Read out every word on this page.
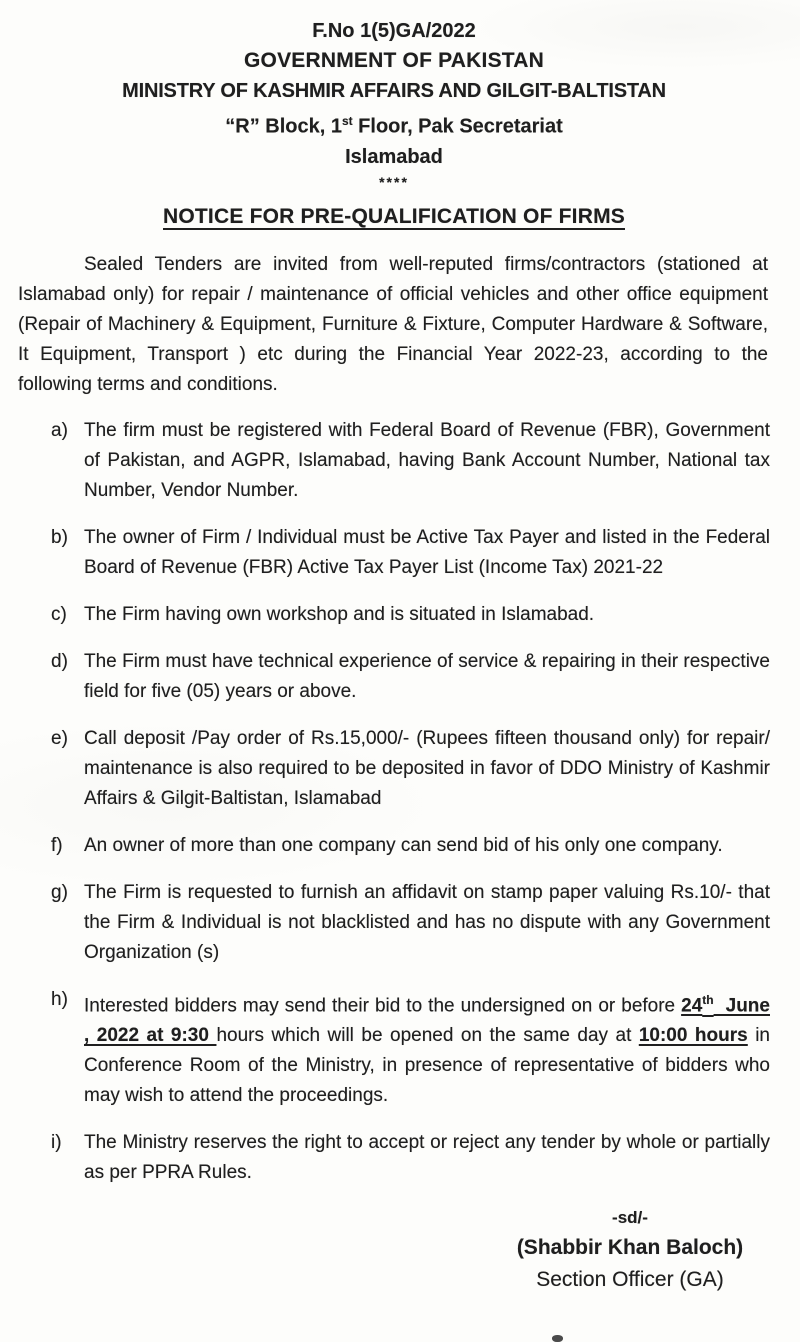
F.No 1(5)GA/2022
GOVERNMENT OF PAKISTAN
MINISTRY OF KASHMIR AFFAIRS AND GILGIT-BALTISTAN
“R” Block, 1st Floor, Pak Secretariat
Islamabad
****
NOTICE FOR PRE-QUALIFICATION OF FIRMS

Sealed Tenders are invited from well-reputed firms/contractors (stationed at Islamabad only) for repair / maintenance of official vehicles and other office equipment (Repair of Machinery & Equipment, Furniture & Fixture, Computer Hardware & Software, It Equipment, Transport ) etc during the Financial Year 2022-23, according to the following terms and conditions.

a) The firm must be registered with Federal Board of Revenue (FBR), Government of Pakistan, and AGPR, Islamabad, having Bank Account Number, National tax Number, Vendor Number.
b) The owner of Firm / Individual must be Active Tax Payer and listed in the Federal Board of Revenue (FBR) Active Tax Payer List (Income Tax) 2021-22
c) The Firm having own workshop and is situated in Islamabad.
d) The Firm must have technical experience of service & repairing in their respective field for five (05) years or above.
e) Call deposit /Pay order of Rs.15,000/- (Rupees fifteen thousand only) for repair/ maintenance is also required to be deposited in favor of DDO Ministry of Kashmir Affairs & Gilgit-Baltistan, Islamabad
f)	An owner of more than one company can send bid of his only one company.
g) The Firm is requested to furnish an affidavit on stamp paper valuing Rs.10/- that the Firm & Individual is not blacklisted and has no dispute with any Government Organization (s)
h) Interested bidders may send their bid to the undersigned on or before 24th  June , 2022 at 9:30 hours which will be opened on the same day at 10:00 hours in Conference Room of the Ministry, in presence of representative of bidders who may wish to attend the proceedings.
i)	The Ministry reserves the right to accept or reject any tender by whole or partially as per PPRA Rules.
-sd/-
(Shabbir Khan Baloch)
Section Officer (GA)
